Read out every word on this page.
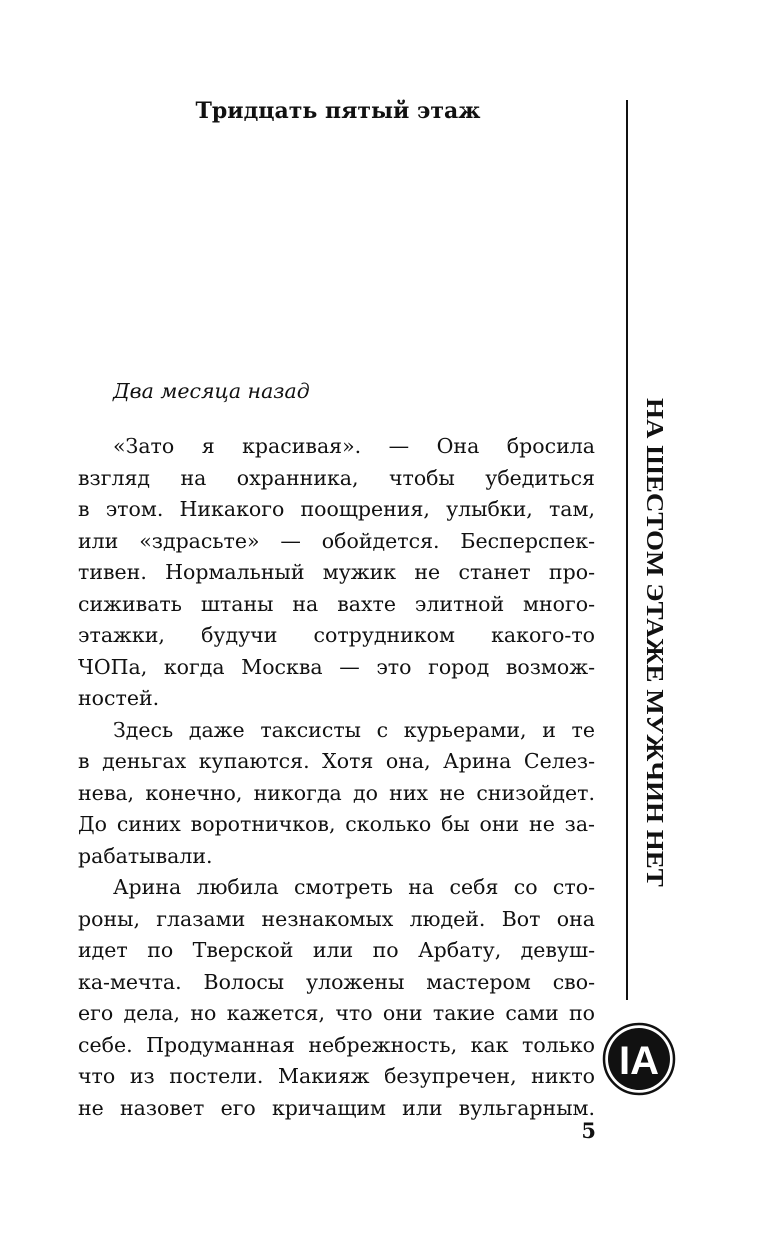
Тридцать пятый этаж

Два месяца назад

«Зато я красивая». — Она бросила
взгляд на охранника, чтобы убедиться
в этом. Никакого поощрения, улыбки, там,
или «здрасьте» — обойдется. Бесперспек-
тивен. Нормальный мужик не станет про-
сиживать штаны на вахте элитной много-
этажки, будучи сотрудником какого-то
ЧОПа, когда Москва — это город возмож-
ностей.
Здесь даже таксисты с курьерами, и те
в деньгах купаются. Хотя она, Арина Селез-
нева, конечно, никогда до них не снизойдет.
До синих воротничков, сколько бы они не за-
рабатывали.
Арина любила смотреть на себя со сто-
роны, глазами незнакомых людей. Вот она
идет по Тверской или по Арбату, девуш-
ка-мечта. Волосы уложены мастером сво-
его дела, но кажется, что они такие сами по
себе. Продуманная небрежность, как только
что из постели. Макияж безупречен, никто
не назовет его кричащим или вульгарным.
5
НА ШЕСТОМ ЭТАЖЕ МУЖЧИН НЕТ
ІА
